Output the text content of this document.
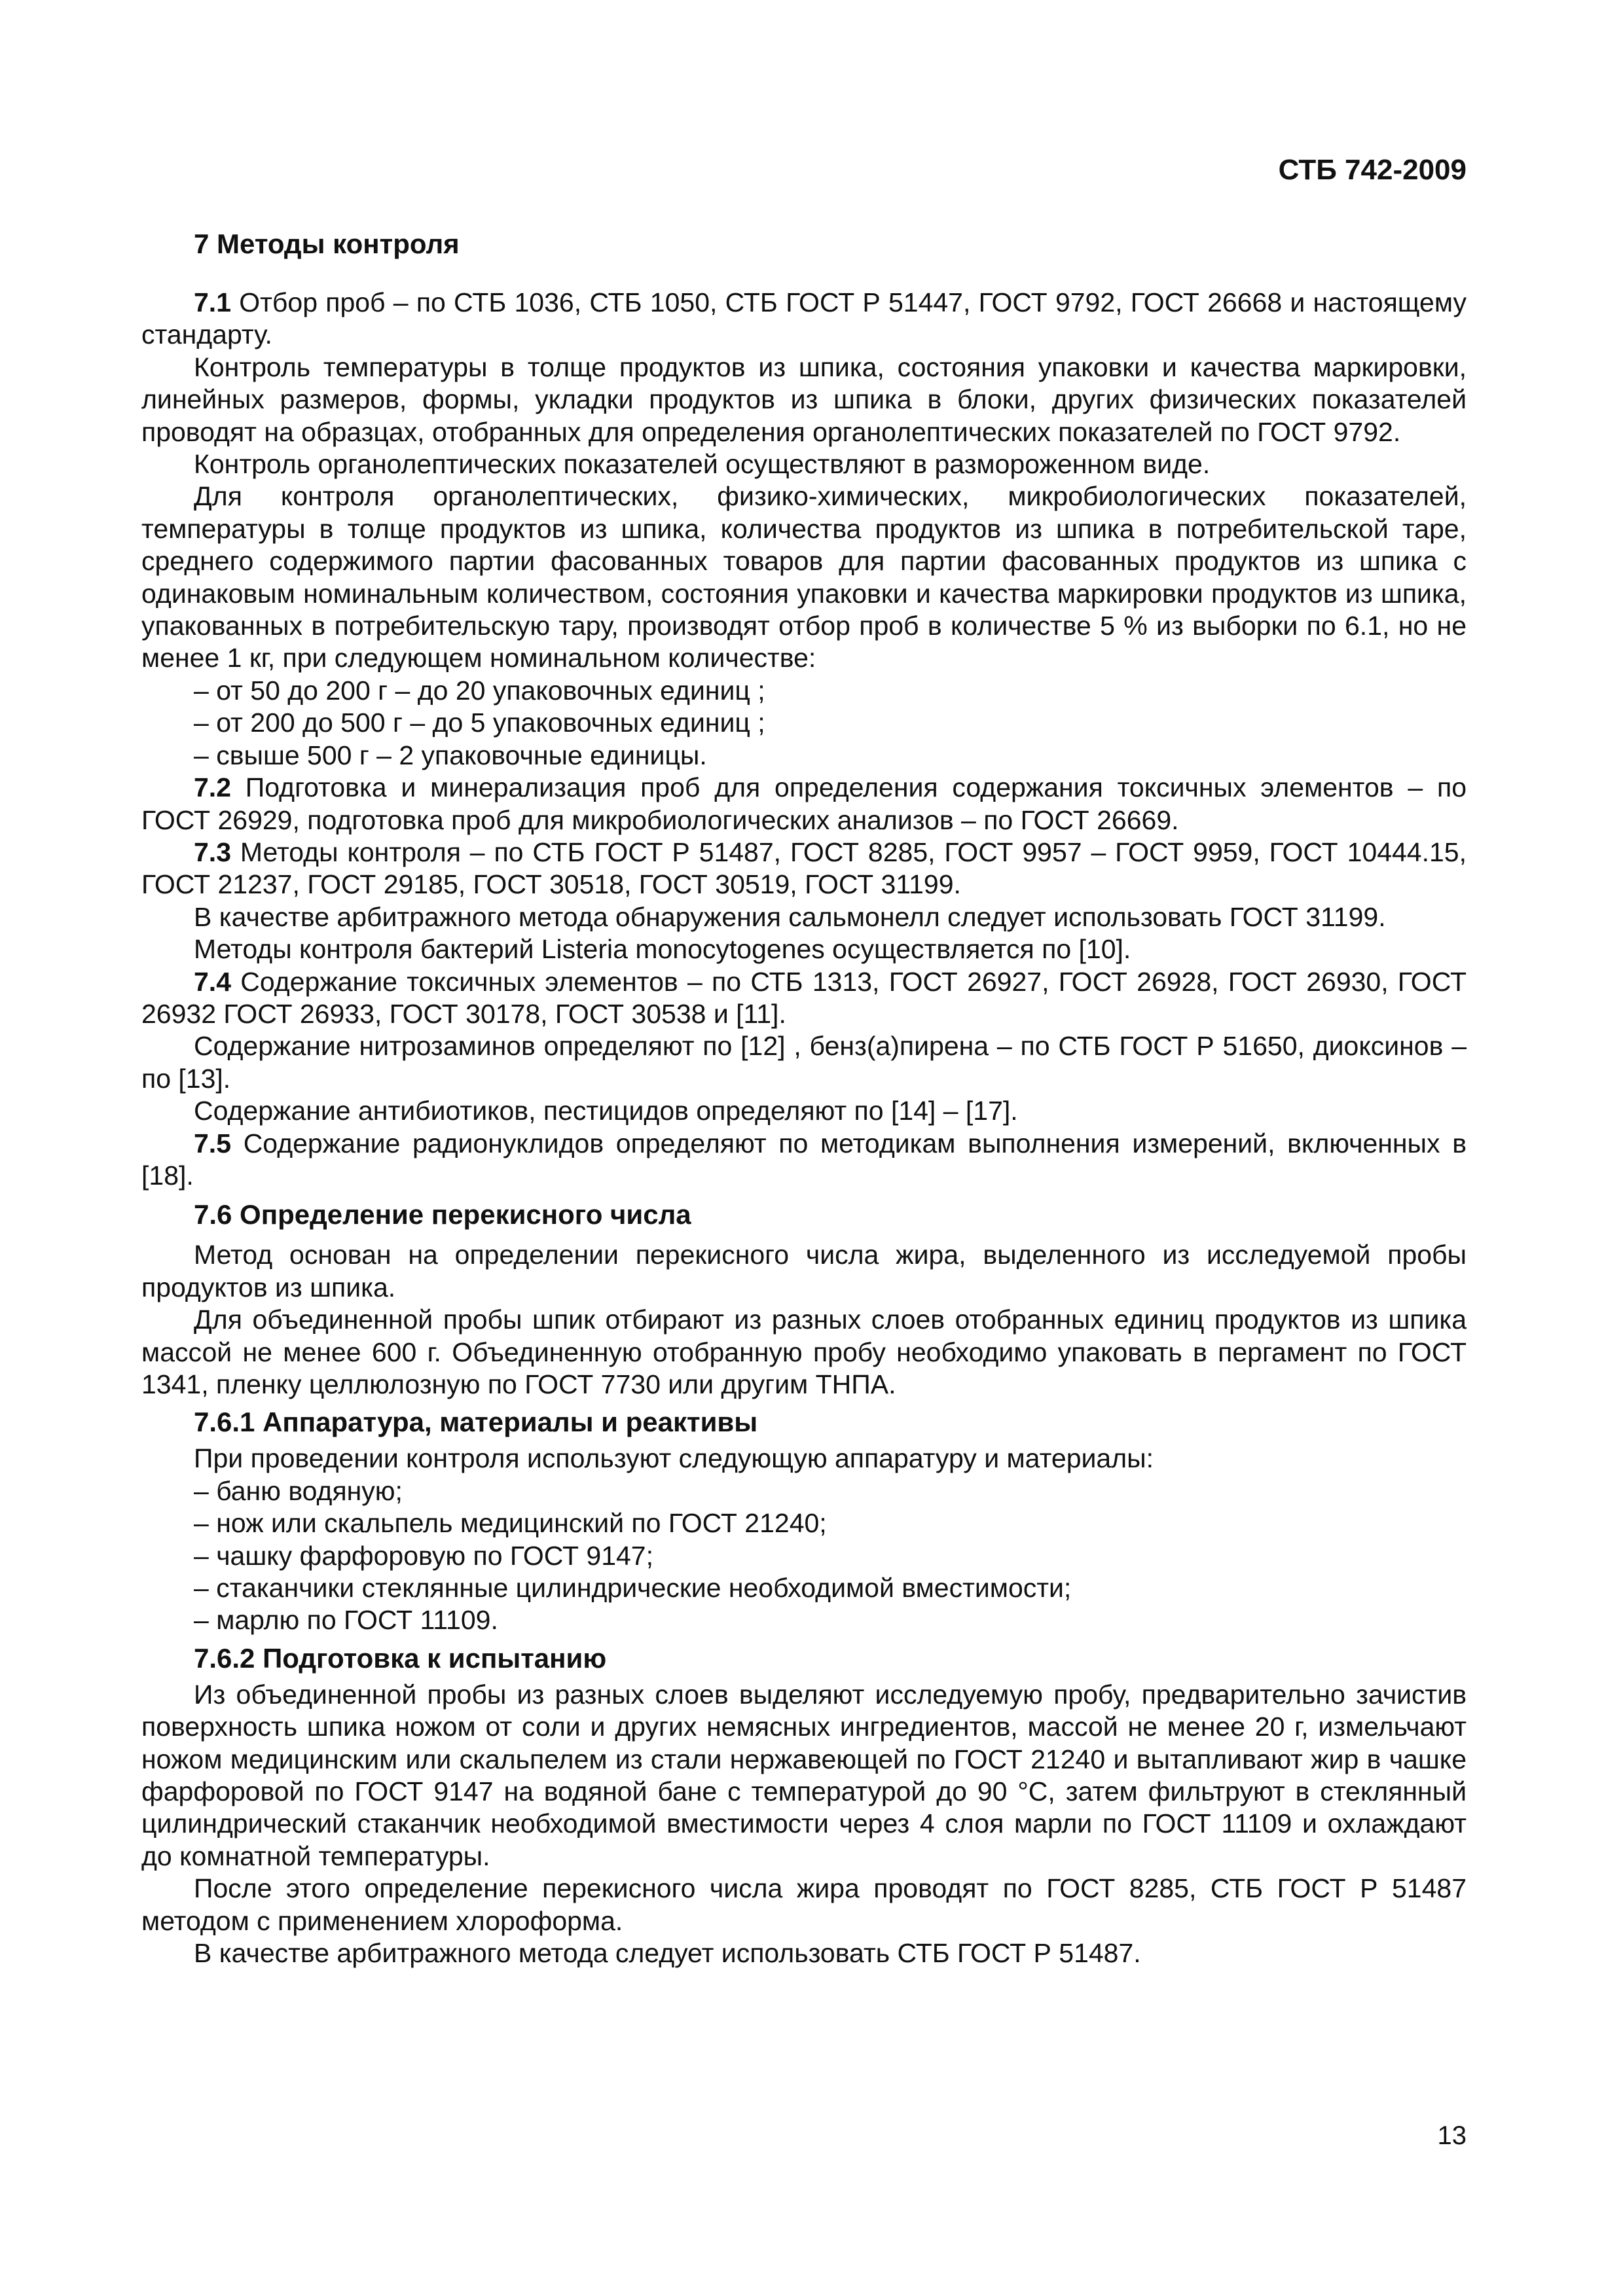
СТБ 742-2009
7 Методы контроля

7.1 Отбор проб – по СТБ 1036, СТБ 1050, СТБ ГОСТ Р 51447, ГОСТ 9792, ГОСТ 26668 и настоящему стандарту.

Контроль температуры в толще продуктов из шпика, состояния упаковки и качества маркировки, линейных размеров, формы, укладки продуктов из шпика в блоки, других физических показателей проводят на образцах, отобранных для определения органолептических показателей по ГОСТ 9792.

Контроль органолептических показателей осуществляют в размороженном виде.

Для контроля органолептических, физико-химических, микробиологических показателей, температуры в толще продуктов из шпика, количества продуктов из шпика в потребительской таре, среднего содержимого партии фасованных товаров для партии фасованных продуктов из шпика с одинаковым номинальным количеством, состояния упаковки и качества маркировки продуктов из шпика, упакованных в потребительскую тару, производят отбор проб в количестве 5 % из выборки по 6.1, но не менее 1 кг, при следующем номинальном количестве:

– от 50 до 200 г – до 20 упаковочных единиц ;

– от 200 до 500 г – до 5 упаковочных единиц ;

– свыше 500 г – 2 упаковочные единицы.

7.2 Подготовка и минерализация проб для определения содержания токсичных элементов – по ГОСТ 26929, подготовка проб для микробиологических анализов – по ГОСТ 26669.

7.3 Методы контроля – по СТБ ГОСТ Р 51487, ГОСТ 8285, ГОСТ 9957 – ГОСТ 9959, ГОСТ 10444.15, ГОСТ 21237, ГОСТ 29185, ГОСТ 30518, ГОСТ 30519, ГОСТ 31199.

В качестве арбитражного метода обнаружения сальмонелл следует использовать ГОСТ 31199.

Методы контроля бактерий Listeria monocytogenes осуществляется по [10].

7.4 Содержание токсичных элементов – по СТБ 1313, ГОСТ 26927, ГОСТ 26928, ГОСТ 26930, ГОСТ 26932 ГОСТ 26933, ГОСТ 30178, ГОСТ 30538 и [11].

Содержание нитрозаминов определяют по [12] , бенз(а)пирена – по СТБ ГОСТ Р 51650, диоксинов – по [13].

Содержание антибиотиков, пестицидов определяют по [14] – [17].

7.5 Содержание радионуклидов определяют по методикам выполнения измерений, включенных в [18].

7.6 Определение перекисного числа

Метод основан на определении перекисного числа жира, выделенного из исследуемой пробы продуктов из шпика.

Для объединенной пробы шпик отбирают из разных слоев отобранных единиц продуктов из шпика массой не менее 600 г. Объединенную отобранную пробу необходимо упаковать в пергамент по ГОСТ 1341, пленку целлюлозную по ГОСТ 7730 или другим ТНПА.

7.6.1 Аппаратура, материалы и реактивы

При проведении контроля используют следующую аппаратуру и материалы:

– баню водяную;

– нож или скальпель медицинский по ГОСТ 21240;

– чашку фарфоровую по ГОСТ 9147;

– стаканчики стеклянные цилиндрические необходимой вместимости;

– марлю по ГОСТ 11109.

7.6.2 Подготовка к испытанию

Из объединенной пробы из разных слоев выделяют исследуемую пробу, предварительно зачистив поверхность шпика ножом от соли и других немясных ингредиентов, массой не менее 20 г, измельчают ножом медицинским или скальпелем из стали нержавеющей по ГОСТ 21240 и вытапливают жир в чашке фарфоровой по ГОСТ 9147 на водяной бане с температурой до 90 °С, затем фильтруют в стеклянный цилиндрический стаканчик необходимой вместимости через 4 слоя марли по ГОСТ 11109 и охлаждают до комнатной температуры.

После этого определение перекисного числа жира проводят по ГОСТ 8285, СТБ ГОСТ Р 51487 методом с применением хлороформа.

В качестве арбитражного метода следует использовать СТБ ГОСТ Р 51487.

13
